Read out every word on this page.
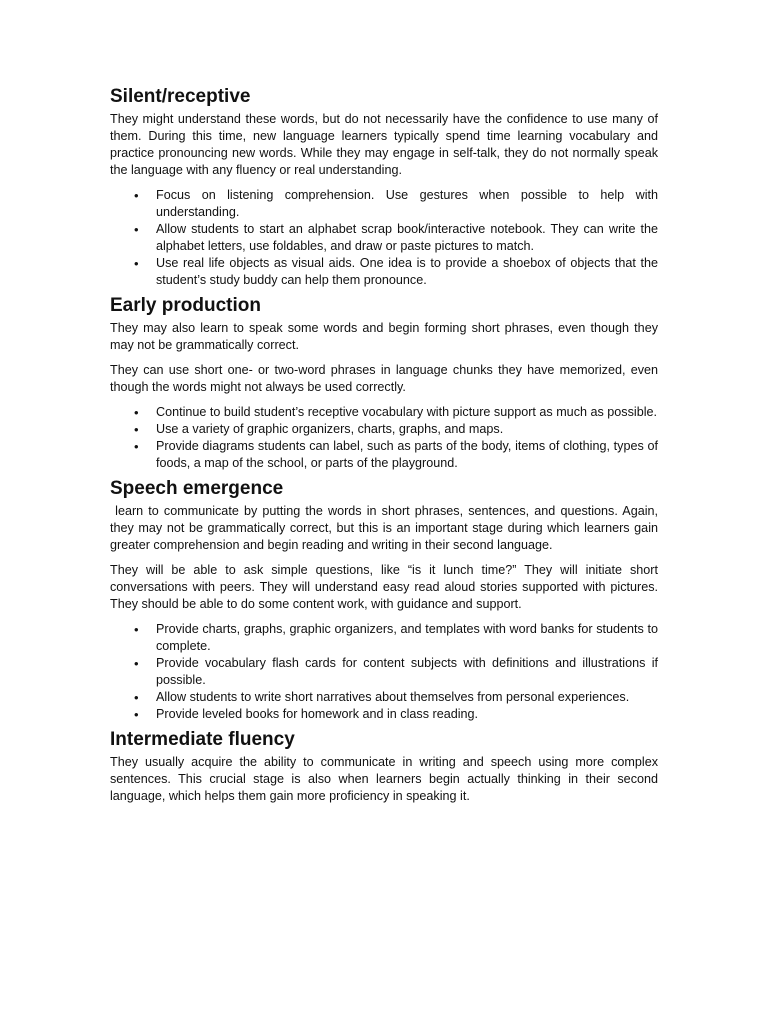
Silent/receptive

They might understand these words, but do not necessarily have the confidence to use many of them. During this time, new language learners typically spend time learning vocabulary and practice pronouncing new words. While they may engage in self-talk, they do not normally speak the language with any fluency or real understanding.

• Focus on listening comprehension. Use gestures when possible to help with understanding.
• Allow students to start an alphabet scrap book/interactive notebook. They can write the alphabet letters, use foldables, and draw or paste pictures to match.
• Use real life objects as visual aids. One idea is to provide a shoebox of objects that the student’s study buddy can help them pronounce.
Early production

They may also learn to speak some words and begin forming short phrases, even though they may not be grammatically correct.

They can use short one- or two-word phrases in language chunks they have memorized, even though the words might not always be used correctly.

• Continue to build student’s receptive vocabulary with picture support as much as possible.
• Use a variety of graphic organizers, charts, graphs, and maps.
• Provide diagrams students can label, such as parts of the body, items of clothing, types of foods, a map of the school, or parts of the playground.
Speech emergence

learn to communicate by putting the words in short phrases, sentences, and questions. Again, they may not be grammatically correct, but this is an important stage during which learners gain greater comprehension and begin reading and writing in their second language.

They will be able to ask simple questions, like “is it lunch time?” They will initiate short conversations with peers. They will understand easy read aloud stories supported with pictures. They should be able to do some content work, with guidance and support.

• Provide charts, graphs, graphic organizers, and templates with word banks for students to complete.
• Provide vocabulary flash cards for content subjects with definitions and illustrations if possible.
• Allow students to write short narratives about themselves from personal experiences.
• Provide leveled books for homework and in class reading.
Intermediate fluency

They usually acquire the ability to communicate in writing and speech using more complex sentences. This crucial stage is also when learners begin actually thinking in their second language, which helps them gain more proficiency in speaking it.
